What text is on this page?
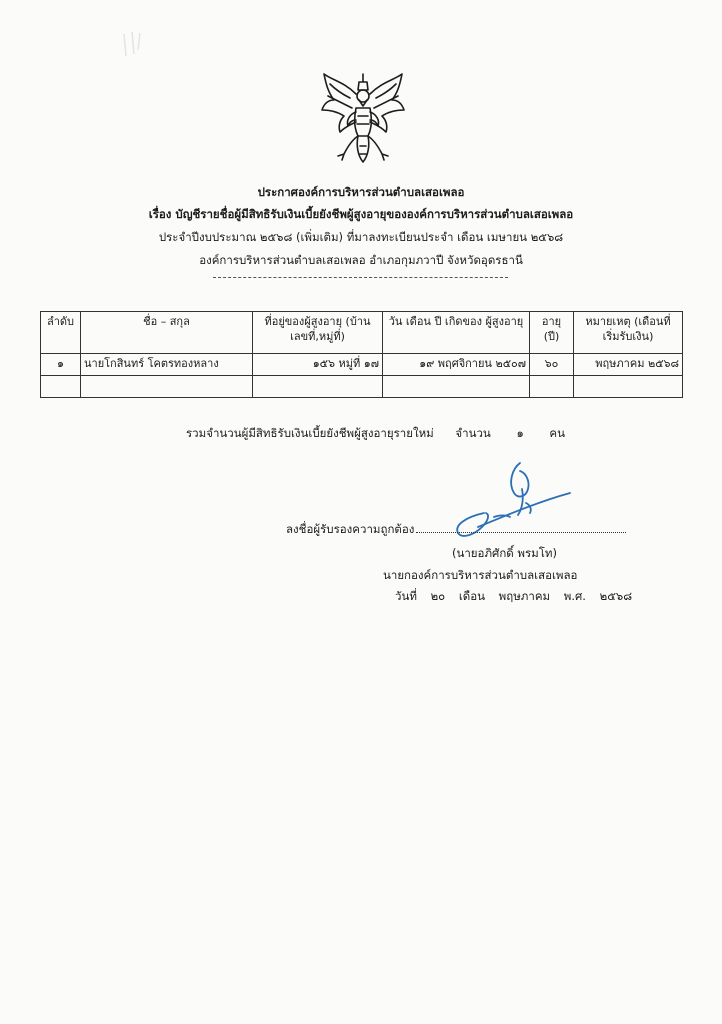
ประกาศองค์การบริหารส่วนตำบลเสอเพลอ
เรื่อง บัญชีรายชื่อผู้มีสิทธิรับเงินเบี้ยยังชีพผู้สูงอายุขององค์การบริหารส่วนตำบลเสอเพลอ
ประจำปีงบประมาณ ๒๕๖๘ (เพิ่มเติม) ที่มาลงทะเบียนประจำ เดือน เมษายน ๒๕๖๘
องค์การบริหารส่วนตำบลเสอเพลอ อำเภอกุมภวาปี จังหวัดอุดรธานี
ลำดับ	ชื่อ – สกุล	ที่อยู่ของผู้สูงอายุ (บ้านเลขที่,หมู่ที่)	วัน เดือน ปี เกิดของ ผู้สูงอายุ	อายุ (ปี)	หมายเหตุ (เดือนที่เริ่มรับเงิน)
๑	นายโกสินทร์ โคตรทองหลาง	๑๕๖ หมู่ที่ ๑๗	๑๙ พฤศจิกายน ๒๕๐๗	๖๐	พฤษภาคม ๒๕๖๘

รวมจำนวนผู้มีสิทธิรับเงินเบี้ยยังชีพผู้สูงอายุรายใหม่ จำนวน ๑ คน
ลงชื่อผู้รับรองความถูกต้อง
(นายอภิศักดิ์ พรมโท)
นายกองค์การบริหารส่วนตำบลเสอเพลอ
วันที่ ๒๐ เดือน พฤษภาคม พ.ศ. ๒๕๖๘
